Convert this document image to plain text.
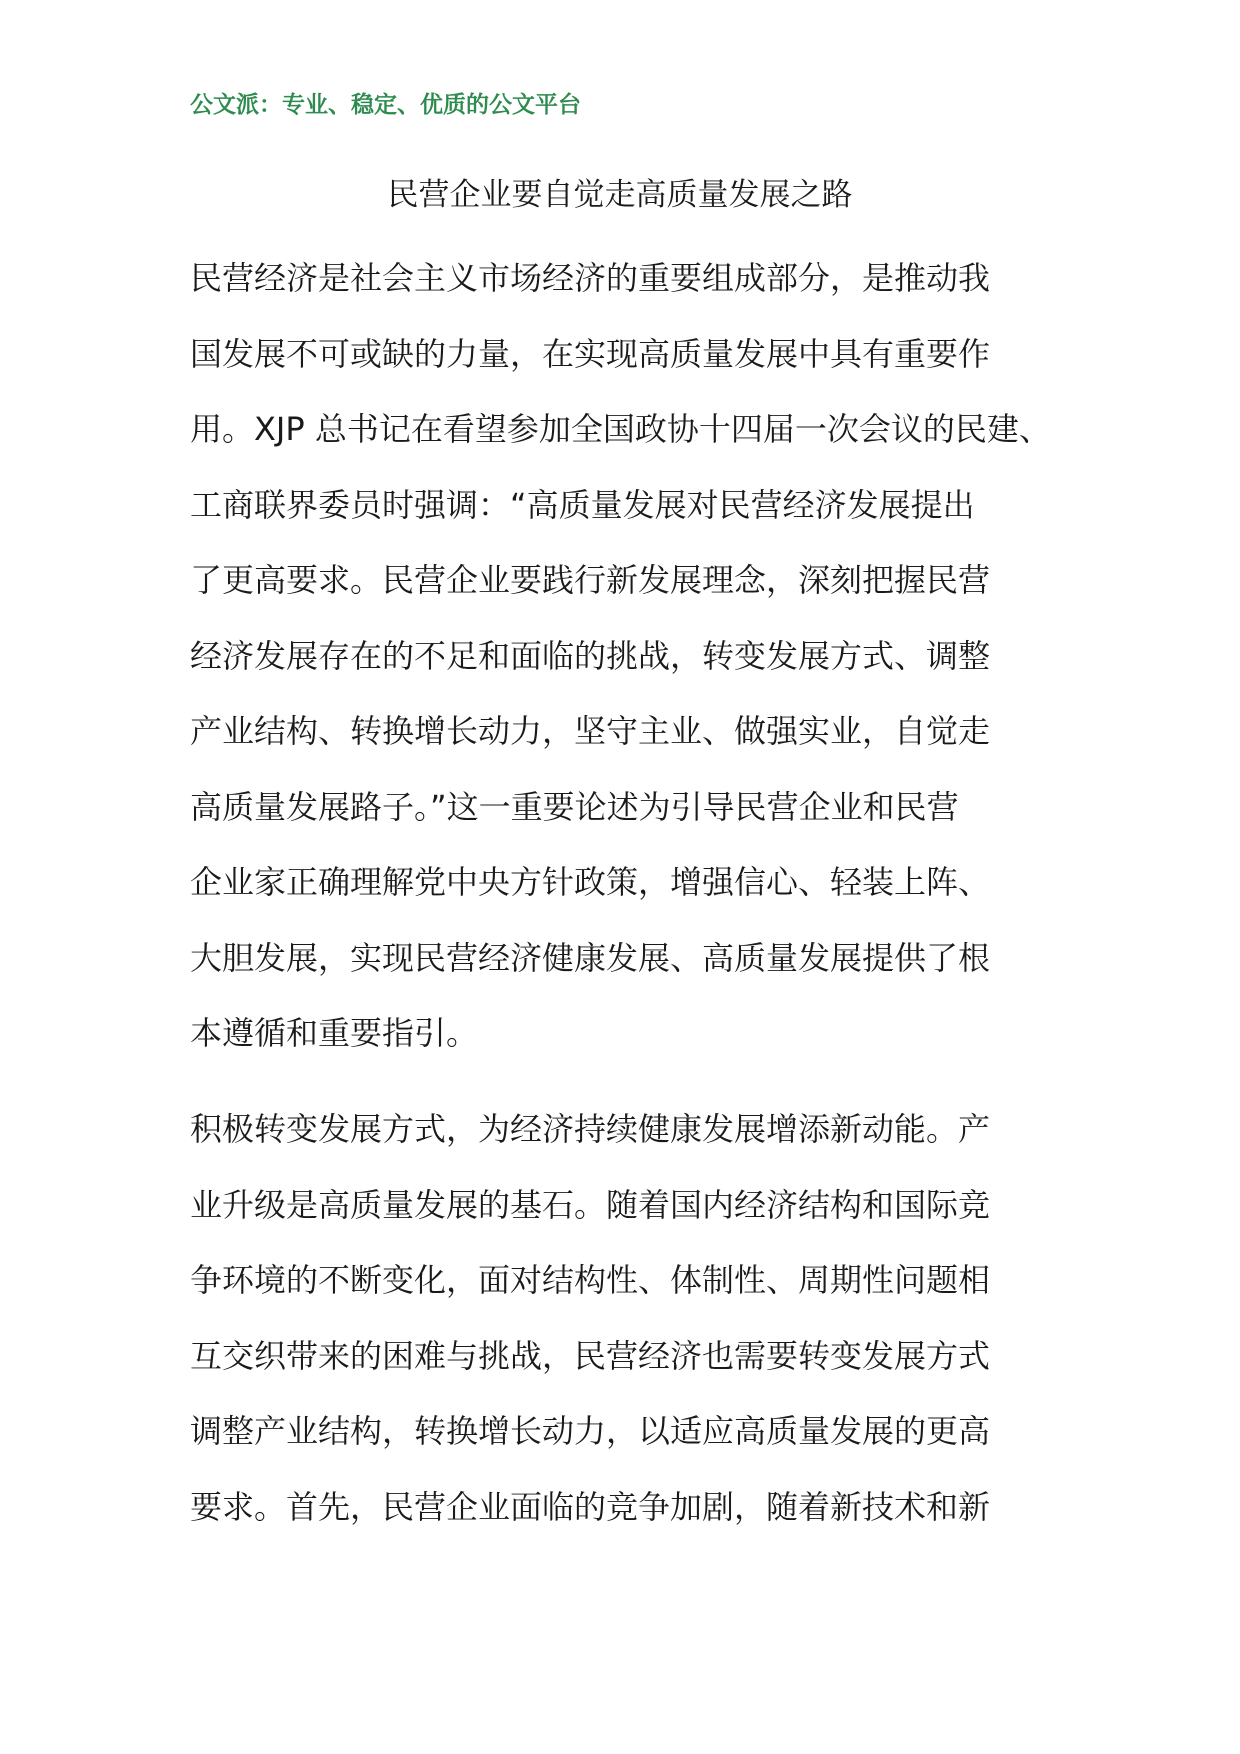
公文派：专业、稳定、优质的公文平台
民营企业要自觉走高质量发展之路
民营经济是社会主义市场经济的重要组成部分，是推动我
国发展不可或缺的力量，在实现高质量发展中具有重要作
用。XJP 总书记在看望参加全国政协十四届一次会议的民建、
工商联界委员时强调：“高质量发展对民营经济发展提出
了更高要求。民营企业要践行新发展理念，深刻把握民营
经济发展存在的不足和面临的挑战，转变发展方式、调整
产业结构、转换增长动力，坚守主业、做强实业，自觉走
高质量发展路子。”这一重要论述为引导民营企业和民营
企业家正确理解党中央方针政策，增强信心、轻装上阵、
大胆发展，实现民营经济健康发展、高质量发展提供了根
本遵循和重要指引。
积极转变发展方式，为经济持续健康发展增添新动能。产
业升级是高质量发展的基石。随着国内经济结构和国际竞
争环境的不断变化，面对结构性、体制性、周期性问题相
互交织带来的困难与挑战，民营经济也需要转变发展方式
调整产业结构，转换增长动力，以适应高质量发展的更高
要求。首先，民营企业面临的竞争加剧，随着新技术和新
